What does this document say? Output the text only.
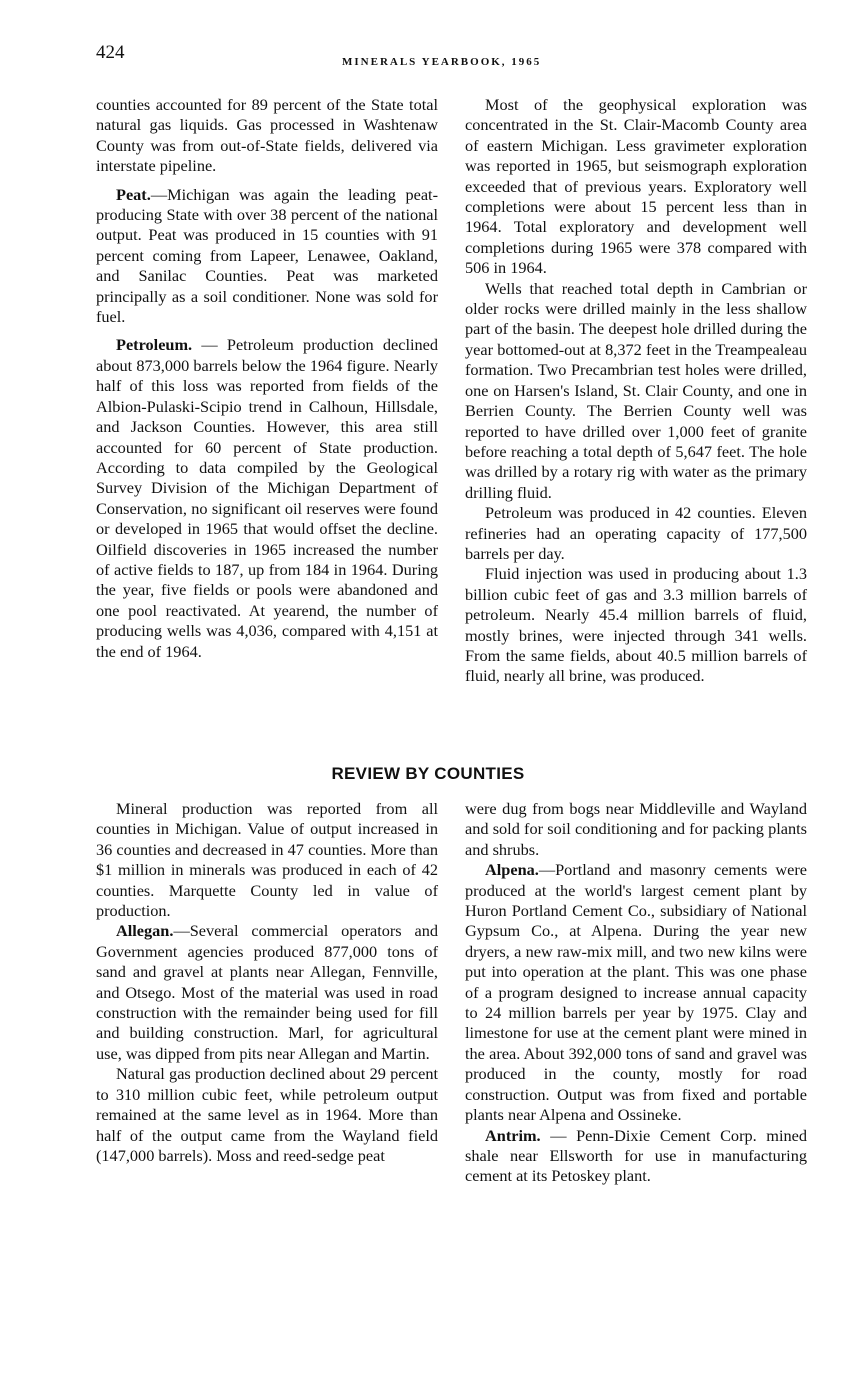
424	MINERALS YEARBOOK, 1965

counties accounted for 89 percent of the State total natural gas liquids. Gas processed in Washtenaw County was from out-of-State fields, delivered via interstate pipeline.

Peat.—Michigan was again the leading peat-producing State with over 38 percent of the national output. Peat was produced in 15 counties with 91 percent coming from Lapeer, Lenawee, Oakland, and Sanilac Counties. Peat was marketed principally as a soil conditioner. None was sold for fuel.

Petroleum. — Petroleum production declined about 873,000 barrels below the 1964 figure. Nearly half of this loss was reported from fields of the Albion-Pulaski-Scipio trend in Calhoun, Hillsdale, and Jackson Counties. However, this area still accounted for 60 percent of State production. According to data compiled by the Geological Survey Division of the Michigan Department of Conservation, no significant oil reserves were found or developed in 1965 that would offset the decline. Oilfield discoveries in 1965 increased the number of active fields to 187, up from 184 in 1964. During the year, five fields or pools were abandoned and one pool reactivated. At yearend, the number of producing wells was 4,036, compared with 4,151 at the end of 1964.

Most of the geophysical exploration was concentrated in the St. Clair-Macomb County area of eastern Michigan. Less gravimeter exploration was reported in 1965, but seismograph exploration exceeded that of previous years. Exploratory well completions were about 15 percent less than in 1964. Total exploratory and development well completions during 1965 were 378 compared with 506 in 1964.

Wells that reached total depth in Cambrian or older rocks were drilled mainly in the less shallow part of the basin. The deepest hole drilled during the year bottomed-out at 8,372 feet in the Treampealeau formation. Two Precambrian test holes were drilled, one on Harsen's Island, St. Clair County, and one in Berrien County. The Berrien County well was reported to have drilled over 1,000 feet of granite before reaching a total depth of 5,647 feet. The hole was drilled by a rotary rig with water as the primary drilling fluid.

Petroleum was produced in 42 counties. Eleven refineries had an operating capacity of 177,500 barrels per day.

Fluid injection was used in producing about 1.3 billion cubic feet of gas and 3.3 million barrels of petroleum. Nearly 45.4 million barrels of fluid, mostly brines, were injected through 341 wells. From the same fields, about 40.5 million barrels of fluid, nearly all brine, was produced.

REVIEW BY COUNTIES

Mineral production was reported from all counties in Michigan. Value of output increased in 36 counties and decreased in 47 counties. More than $1 million in minerals was produced in each of 42 counties. Marquette County led in value of production.

Allegan.—Several commercial operators and Government agencies produced 877,000 tons of sand and gravel at plants near Allegan, Fennville, and Otsego. Most of the material was used in road construction with the remainder being used for fill and building construction. Marl, for agricultural use, was dipped from pits near Allegan and Martin.

Natural gas production declined about 29 percent to 310 million cubic feet, while petroleum output remained at the same level as in 1964. More than half of the output came from the Wayland field (147,000 barrels). Moss and reed-sedge peat

were dug from bogs near Middleville and Wayland and sold for soil conditioning and for packing plants and shrubs.

Alpena.—Portland and masonry cements were produced at the world's largest cement plant by Huron Portland Cement Co., subsidiary of National Gypsum Co., at Alpena. During the year new dryers, a new raw-mix mill, and two new kilns were put into operation at the plant. This was one phase of a program designed to increase annual capacity to 24 million barrels per year by 1975. Clay and limestone for use at the cement plant were mined in the area. About 392,000 tons of sand and gravel was produced in the county, mostly for road construction. Output was from fixed and portable plants near Alpena and Ossineke.

Antrim. — Penn-Dixie Cement Corp. mined shale near Ellsworth for use in manufacturing cement at its Petoskey plant.
